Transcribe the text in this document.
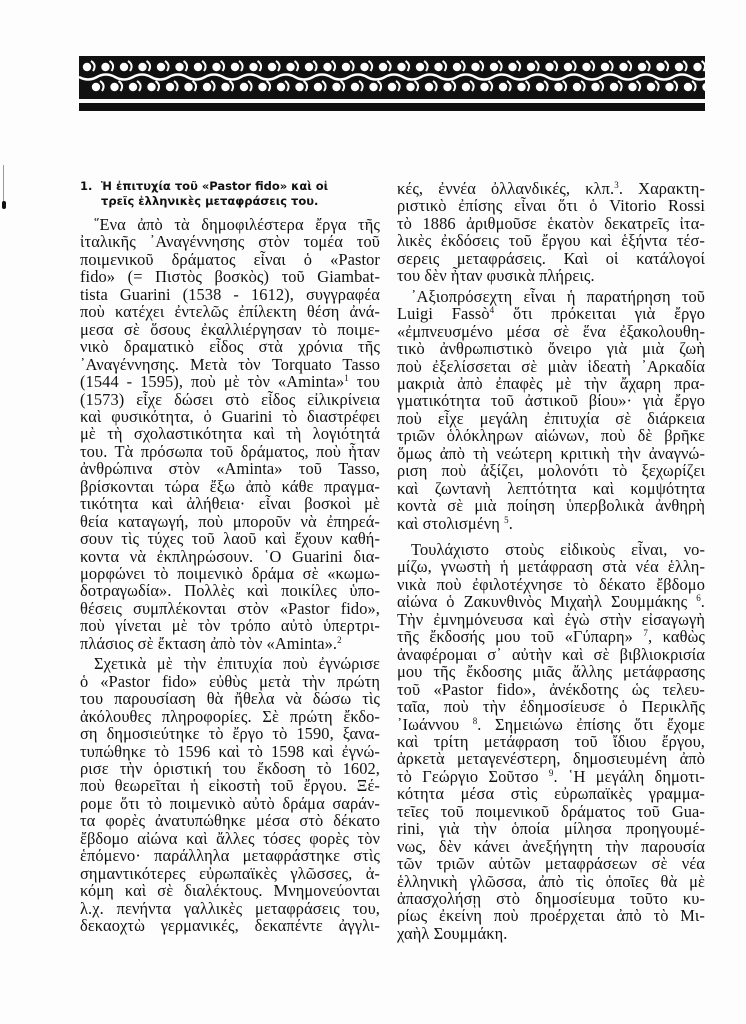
1. Ἡ ἐπιτυχία τοῦ «Pastor fido» καὶ οἱ
τρεῖς ἑλληνικὲς μεταφράσεις του.
῞Ενα ἀπὸ τὰ δημοφιλέστερα ἔργα τῆς
ἰταλικῆς ᾿Αναγέννησης στὸν τομέα τοῦ
ποιμενικοῦ δράματος εἶναι ὁ «Pastor
fido» (= Πιστὸς βοσκὸς) τοῦ Giambat-
tista Guarini (1538 - 1612), συγγραφέα
ποὺ κατέχει ἐντελῶς ἐπίλεκτη θέση ἀνά-
μεσα σὲ ὅσους ἐκαλλιέργησαν τὸ ποιμε-
νικὸ δραματικὸ εἶδος στὰ χρόνια τῆς
᾿Αναγέννησης. Μετὰ τὸν Torquato Tasso
(1544 - 1595), ποὺ μὲ τὸν «Aminta»$^1$ του
(1573) εἶχε δώσει στὸ εἶδος εἰλικρίνεια
καὶ φυσικότητα, ὁ Guarini τὸ διαστρέφει
μὲ τὴ σχολαστικότητα καὶ τὴ λογιότητά
του. Τὰ πρόσωπα τοῦ δράματος, ποὺ ἦταν
ἀνθρώπινα στὸν «Aminta» τοῦ Tasso,
βρίσκονται τώρα ἔξω ἀπὸ κάθε πραγμα-
τικότητα καὶ ἀλήθεια· εἶναι βοσκοὶ μὲ
θεία καταγωγή, ποὺ μποροῦν νὰ ἐπηρεά-
σουν τὶς τύχες τοῦ λαοῦ καὶ ἔχουν καθή-
κοντα νὰ ἐκπληρώσουν. ῾Ο Guarini δια-
μορφώνει τὸ ποιμενικὸ δράμα σὲ «κωμω-
δοτραγωδία». Πολλὲς καὶ ποικίλες ὑπο-
θέσεις συμπλέκονται στὸν «Pastor fido»,
ποὺ γίνεται μὲ τὸν τρόπο αὐτὸ ὑπερτρι-
πλάσιος σὲ ἔκταση ἀπὸ τὸν «Aminta».$^2$
Σχετικὰ μὲ τὴν ἐπιτυχία ποὺ ἐγνώρισε
ὁ «Pastor fido» εὐθὺς μετὰ τὴν πρώτη
του παρουσίαση θὰ ἤθελα νὰ δώσω τὶς
ἀκόλουθες πληροφορίες. Σὲ πρώτη ἔκδο-
ση δημοσιεύτηκε τὸ ἔργο τὸ 1590, ξανα-
τυπώθηκε τὸ 1596 καὶ τὸ 1598 καὶ ἐγνώ-
ρισε τὴν ὁριστική του ἔκδοση τὸ 1602,
ποὺ θεωρεῖται ἡ εἰκοστὴ τοῦ ἔργου. Ξέ-
ρομε ὅτι τὸ ποιμενικὸ αὐτὸ δράμα σαράν-
τα φορὲς ἀνατυπώθηκε μέσα στὸ δέκατο
ἔβδομο αἰώνα καὶ ἄλλες τόσες φορὲς τὸν
ἑπόμενο· παράλληλα μεταφράστηκε στὶς
σημαντικότερες εὐρωπαϊκὲς γλῶσσες, ἀ-
κόμη καὶ σὲ διαλέκτους. Μνημονεύονται
λ.χ. πενήντα γαλλικὲς μεταφράσεις του,
δεκαοχτὼ γερμανικές, δεκαπέντε ἀγγλι-
κές, ἐννέα ὀλλανδικές, κλπ.$^3$. Χαρακτη-
ριστικὸ ἐπίσης εἶναι ὅτι ὁ Vitorio Rossi
τὸ 1886 ἀριθμοῦσε ἑκατὸν δεκατρεῖς ἰτα-
λικὲς ἐκδόσεις τοῦ ἔργου καὶ ἑξήντα τέσ-
σερεις μεταφράσεις. Καὶ οἱ κατάλογοί
του δὲν ἦταν φυσικὰ πλήρεις.
᾿Αξιοπρόσεχτη εἶναι ἡ παρατήρηση τοῦ
Luigi Fassò$^4$ ὅτι πρόκειται γιὰ ἔργο
«ἐμπνευσμένο μέσα σὲ ἕνα ἐξακολουθη-
τικὸ ἀνθρωπιστικὸ ὄνειρο γιὰ μιὰ ζωὴ
ποὺ ἐξελίσσεται σὲ μιὰν ἰδεατὴ ᾿Αρκαδία
μακριὰ ἀπὸ ἐπαφὲς μὲ τὴν ἄχαρη πρα-
γματικότητα τοῦ ἀστικοῦ βίου»· γιὰ ἔργο
ποὺ εἶχε μεγάλη ἐπιτυχία σὲ διάρκεια
τριῶν ὁλόκληρων αἰώνων, ποὺ δὲ βρῆκε
ὅμως ἀπὸ τὴ νεώτερη κριτικὴ τὴν ἀναγνώ-
ριση ποὺ ἀξίζει, μολονότι τὸ ξεχωρίζει
καὶ ζωντανὴ λεπτότητα καὶ κομψότητα
κοντὰ σὲ μιὰ ποίηση ὑπερβολικὰ ἀνθηρὴ
καὶ στολισμένη $^5$.
Τουλάχιστο στοὺς εἰδικοὺς εἶναι, νο-
μίζω, γνωστὴ ἡ μετάφραση στὰ νέα ἑλλη-
νικὰ ποὺ ἐφιλοτέχνησε τὸ δέκατο ἔβδομο
αἰώνα ὁ Ζακυνθινὸς Μιχαὴλ Σουμμάκης $^6$.
Τὴν ἐμνημόνευσα καὶ ἐγὼ στὴν εἰσαγωγὴ
τῆς ἔκδοσής μου τοῦ «Γύπαρη» $^7$, καθὼς
ἀναφέρομαι σ᾿ αὐτὴν καὶ σὲ βιβλιοκρισία
μου τῆς ἔκδοσης μιᾶς ἄλλης μετάφρασης
τοῦ «Pastor fido», ἀνέκδοτης ὡς τελευ-
ταῖα, ποὺ τὴν ἐδημοσίευσε ὁ Περικλῆς
᾿Ιωάννου $^8$. Σημειώνω ἐπίσης ὅτι ἔχομε
καὶ τρίτη μετάφραση τοῦ ἴδιου ἔργου,
ἀρκετὰ μεταγενέστερη, δημοσιευμένη ἀπὸ
τὸ Γεώργιο Σοῦτσο $^9$. ῾Η μεγάλη δημοτι-
κότητα μέσα στὶς εὐρωπαϊκὲς γραμμα-
τεῖες τοῦ ποιμενικοῦ δράματος τοῦ Gua-
rini, γιὰ τὴν ὁποία μίλησα προηγουμέ-
νως, δὲν κάνει ἀνεξήγητη τὴν παρουσία
τῶν τριῶν αὐτῶν μεταφράσεων σὲ νέα
ἑλληνικὴ γλῶσσα, ἀπὸ τὶς ὁποῖες θὰ μὲ
ἀπασχολήσῃ στὸ δημοσίευμα τοῦτο κυ-
ρίως ἐκείνη ποὺ προέρχεται ἀπὸ τὸ Μι-
χαὴλ Σουμμάκη.
